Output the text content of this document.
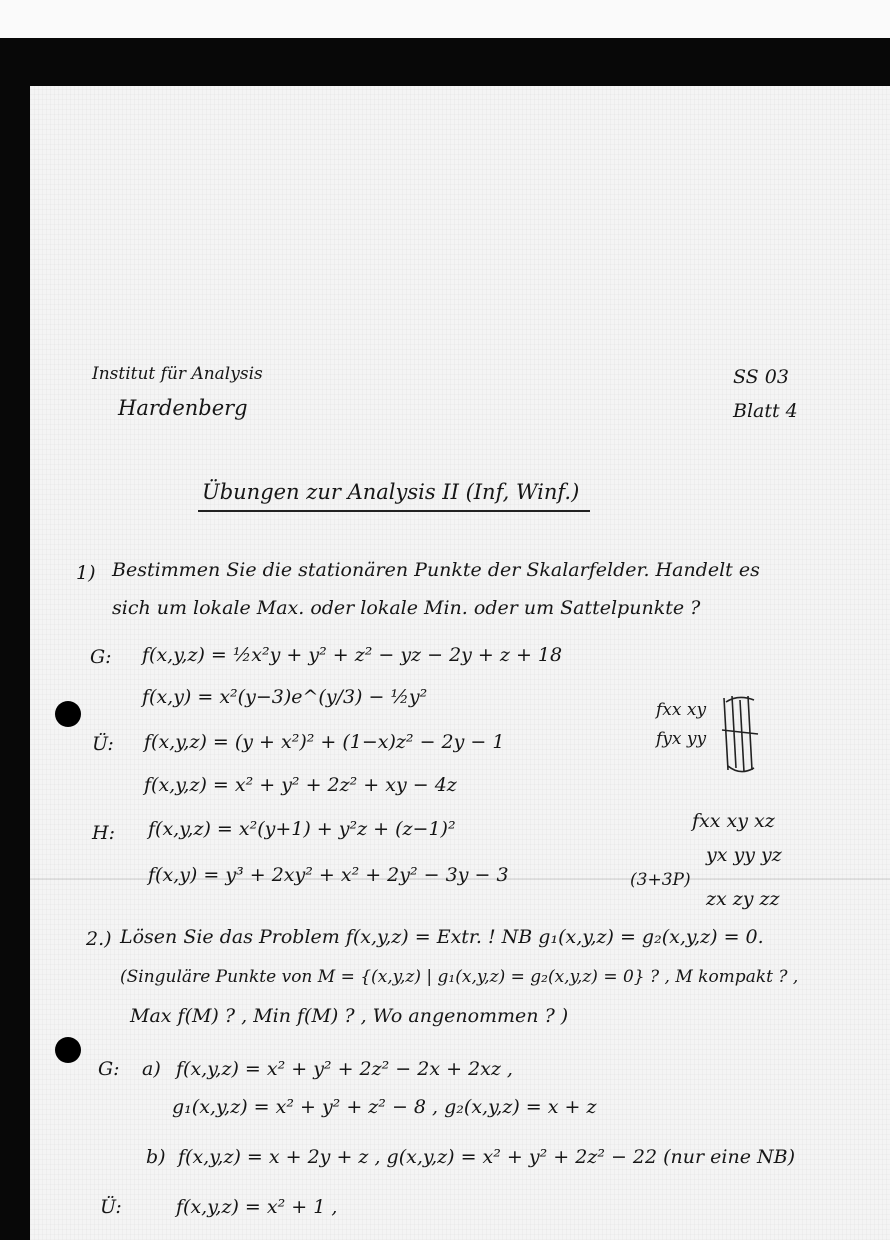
Institut für Analysis
Hardenberg
SS 03
Blatt 4
Übungen zur Analysis II (Inf, Winf.)
1) Bestimmen Sie die stationären Punkte der Skalarfelder. Handelt es
sich um lokale Max. oder lokale Min. oder um Sattelpunkte ?
G: f(x,y,z) = ½x²y + y² + z² − yz − 2y + z + 18
f(x,y) = x²(y−3)e^(y/3) − ½y²
Ü: f(x,y,z) = (y + x²)² + (1−x)z² − 2y − 1
f(x,y,z) = x² + y² + 2z² + xy − 4z
H: f(x,y,z) = x²(y+1) + y²z + (z−1)²
f(x,y) = y³ + 2xy² + x² + 2y² − 3y − 3	(3+3P)
fxx xy
fyx yy
fxx xy xz
yx yy yz
zx zy zz
2.) Lösen Sie das Problem f(x,y,z) = Extr. ! NB g₁(x,y,z) = g₂(x,y,z) = 0.
(Singuläre Punkte von M = {(x,y,z) | g₁(x,y,z) = g₂(x,y,z) = 0} ? , M kompakt ? ,
Max f(M) ? , Min f(M) ? , Wo angenommen ? )
G: a) f(x,y,z) = x² + y² + 2z² − 2x + 2xz ,
g₁(x,y,z) = x² + y² + z² − 8 , g₂(x,y,z) = x + z
b) f(x,y,z) = x + 2y + z , g(x,y,z) = x² + y² + 2z² − 22 (nur eine NB)
Ü:	f(x,y,z) = x² + 1 ,
